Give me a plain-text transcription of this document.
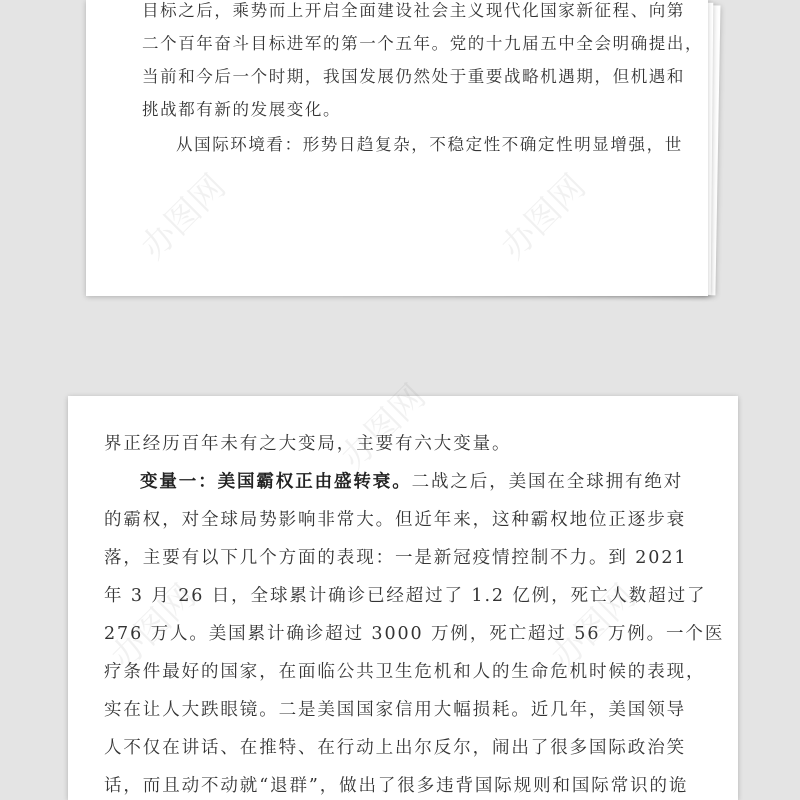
目标之后，乘势而上开启全面建设社会主义现代化国家新征程、向第
二个百年奋斗目标进军的第一个五年。党的十九届五中全会明确提出，
当前和今后一个时期，我国发展仍然处于重要战略机遇期，但机遇和
挑战都有新的发展变化。
从国际环境看：形势日趋复杂，不稳定性不确定性明显增强，世
界正经历百年未有之大变局，主要有六大变量。
变量一：美国霸权正由盛转衰。二战之后，美国在全球拥有绝对
的霸权，对全球局势影响非常大。但近年来，这种霸权地位正逐步衰
落，主要有以下几个方面的表现：一是新冠疫情控制不力。到 2021
年 3 月 26 日，全球累计确诊已经超过了 1.2 亿例，死亡人数超过了
276 万人。美国累计确诊超过 3000 万例，死亡超过 56 万例。一个医
疗条件最好的国家，在面临公共卫生危机和人的生命危机时候的表现，
实在让人大跌眼镜。二是美国国家信用大幅损耗。近几年，美国领导
人不仅在讲话、在推特、在行动上出尔反尔，闹出了很多国际政治笑
话，而且动不动就“退群”，做出了很多违背国际规则和国际常识的诡
